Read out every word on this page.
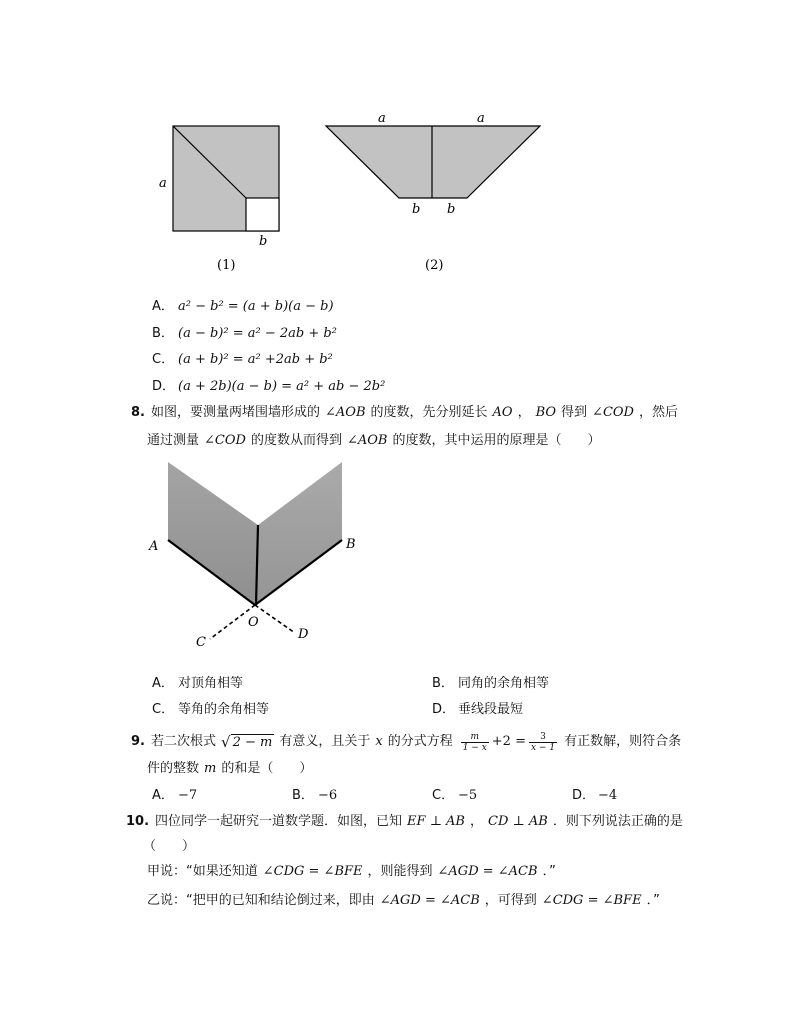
a
b
(1)
a	a
b b
(2)
A． a² − b² = (a + b)(a − b)
B． (a − b)² = a² − 2ab + b²
C． (a + b)² = a² +2ab + b²
D． (a + 2b)(a − b) = a² + ab − 2b²
8. 如图，要测量两堵围墙形成的 ∠AOB 的度数，先分别延长 AO ， BO 得到 ∠COD ，然后
通过测量 ∠COD 的度数从而得到 ∠AOB 的度数，其中运用的原理是（　　）
A	B
O
C
D
A． 对顶角相等	B． 同角的余角相等
C． 等角的余角相等	D． 垂线段最短
9. 若二次根式 √ 2 − m 有意义，且关于 x 的分式方程 $\frac{m}{1 - x} +2 = \frac{3}{x - 1}$ 有正数解，则符合条
件的整数 m 的和是（　　）
A． −7	B． −6	C． −5	D． −4
10. 四位同学一起研究一道数学题．如图，已知 EF ⊥ AB ， CD ⊥ AB ．则下列说法正确的是
（　　）
甲说：“如果还知道 ∠CDG = ∠BFE ，则能得到 ∠AGD = ∠ACB ．”
乙说：“把甲的已知和结论倒过来，即由 ∠AGD = ∠ACB ，可得到 ∠CDG = ∠BFE ．”
